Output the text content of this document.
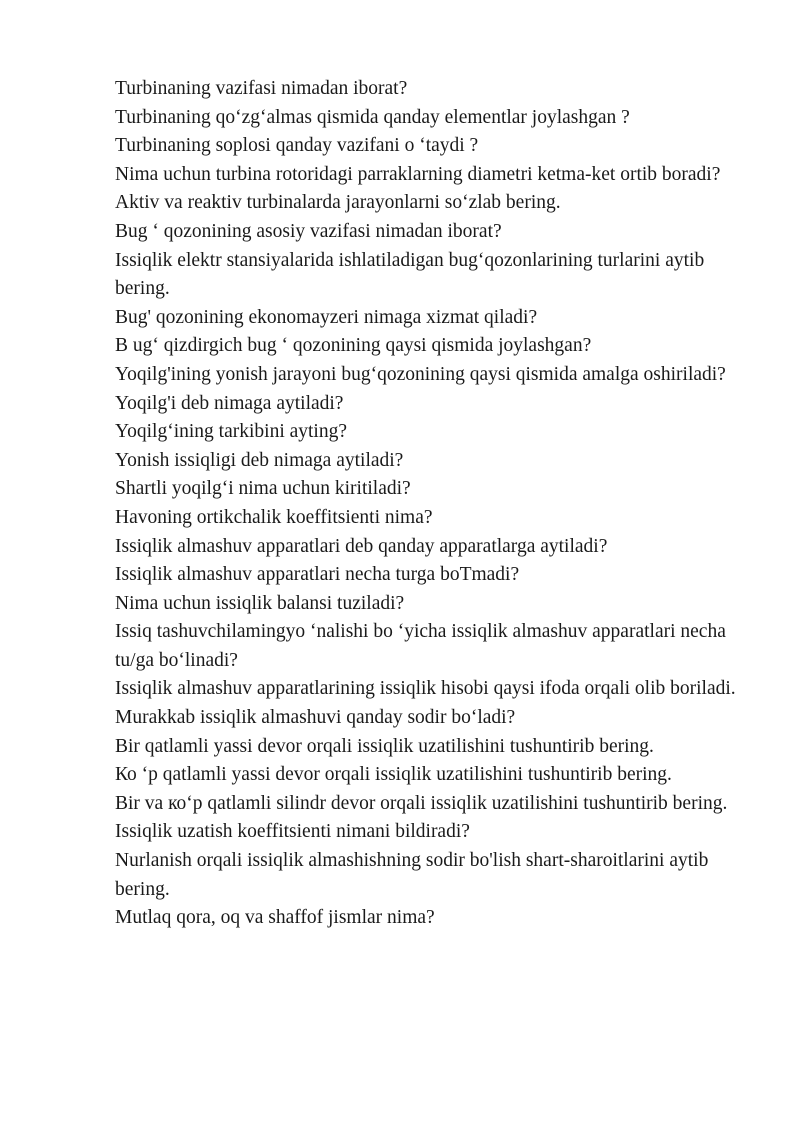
Turbinaning vazifasi nimadan iborat?
Turbinaning qo‘zg‘almas qismida qanday elementlar joylashgan ?
Turbinaning soplosi qanday vazifani o ‘taydi ?
Nima uchun turbina rotoridagi parraklarning diametri ketma-ket ortib boradi?
Aktiv va reaktiv turbinalarda jarayonlarni so‘zlab bering.
Bug ‘ qozonining asosiy vazifasi nimadan iborat?
Issiqlik elektr stansiyalarida ishlatiladigan bug‘qozonlarining turlarini aytib bering.
Bug' qozonining ekonomayzeri nimaga xizmat qiladi?
B ug‘ qizdirgich bug ‘ qozonining qaysi qismida joylashgan?
Yoqilg'ining yonish jarayoni bug‘qozonining qaysi qismida amalga oshiriladi?
Yoqilg'i deb nimaga aytiladi?
Yoqilg‘ining tarkibini ayting?
Yonish issiqligi deb nimaga aytiladi?
Shartli yoqilg‘i nima uchun kiritiladi?
Havoning ortikchalik koeffitsienti nima?
Issiqlik almashuv apparatlari deb qanday apparatlarga aytiladi?
Issiqlik almashuv apparatlari necha turga boTmadi?
Nima uchun issiqlik balansi tuziladi?
Issiq tashuvchilamingyo ‘nalishi bo ‘yicha issiqlik almashuv apparatlari necha tu/ga bo‘linadi?
Issiqlik almashuv apparatlarining issiqlik hisobi qaysi ifoda orqali olib boriladi.
Murakkab issiqlik almashuvi qanday sodir bo‘ladi?
Bir qatlamli yassi devor orqali issiqlik uzatilishini tushuntirib bering.
Ко ‘p qatlamli yassi devor orqali issiqlik uzatilishini tushuntirib bering.
Bir va ко‘p qatlamli silindr devor orqali issiqlik uzatilishini tushuntirib bering.
Issiqlik uzatish koeffitsienti nimani bildiradi?
Nurlanish orqali issiqlik almashishning sodir bo'lish shart-sharoitlarini aytib bering.
Mutlaq qora, oq va shaffof jismlar nima?
